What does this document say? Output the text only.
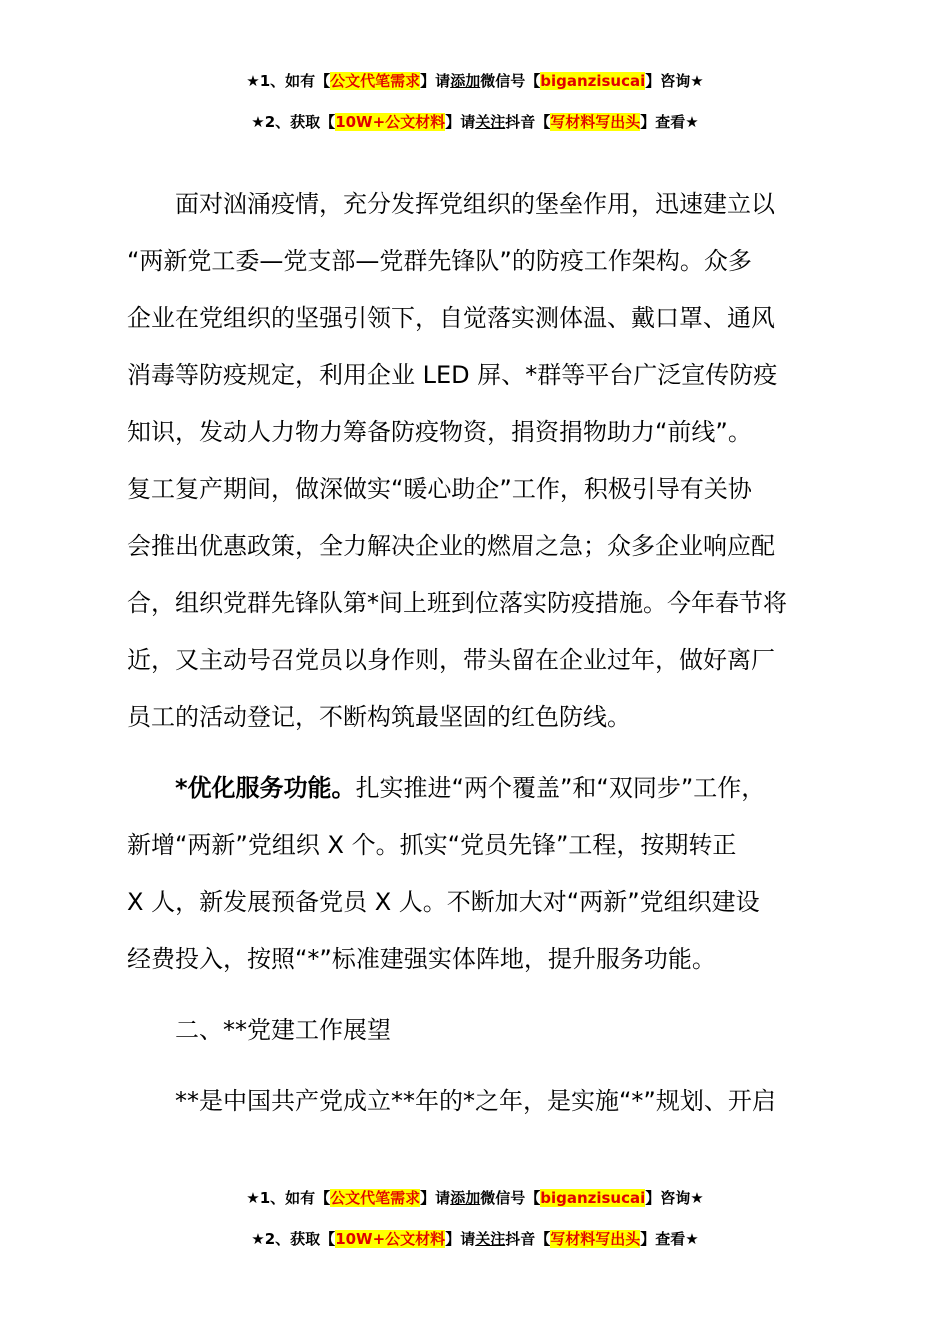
★1、如有【公文代笔需求】请添加微信号【biganzisucai】咨询★
★2、获取【10W+公文材料】请关注抖音【写材料写出头】查看★

面对汹涌疫情，充分发挥党组织的堡垒作用，迅速建立以
“两新党工委—党支部—党群先锋队”的防疫工作架构。众多
企业在党组织的坚强引领下，自觉落实测体温、戴口罩、通风
消毒等防疫规定，利用企业 LED 屏、*群等平台广泛宣传防疫
知识，发动人力物力筹备防疫物资，捐资捐物助力“前线”。
复工复产期间，做深做实“暖心助企”工作，积极引导有关协
会推出优惠政策，全力解决企业的燃眉之急；众多企业响应配
合，组织党群先锋队第*间上班到位落实防疫措施。今年春节将
近，又主动号召党员以身作则，带头留在企业过年，做好离厂
员工的活动登记，不断构筑最坚固的红色防线。

*优化服务功能。扎实推进“两个覆盖”和“双同步”工作，
新增“两新”党组织 X 个。抓实“党员先锋”工程，按期转正
X 人，新发展预备党员 X 人。不断加大对“两新”党组织建设
经费投入，按照“*”标准建强实体阵地，提升服务功能。

二、**党建工作展望

**是中国共产党成立**年的*之年，是实施“*”规划、开启

★1、如有【公文代笔需求】请添加微信号【biganzisucai】咨询★
★2、获取【10W+公文材料】请关注抖音【写材料写出头】查看★
